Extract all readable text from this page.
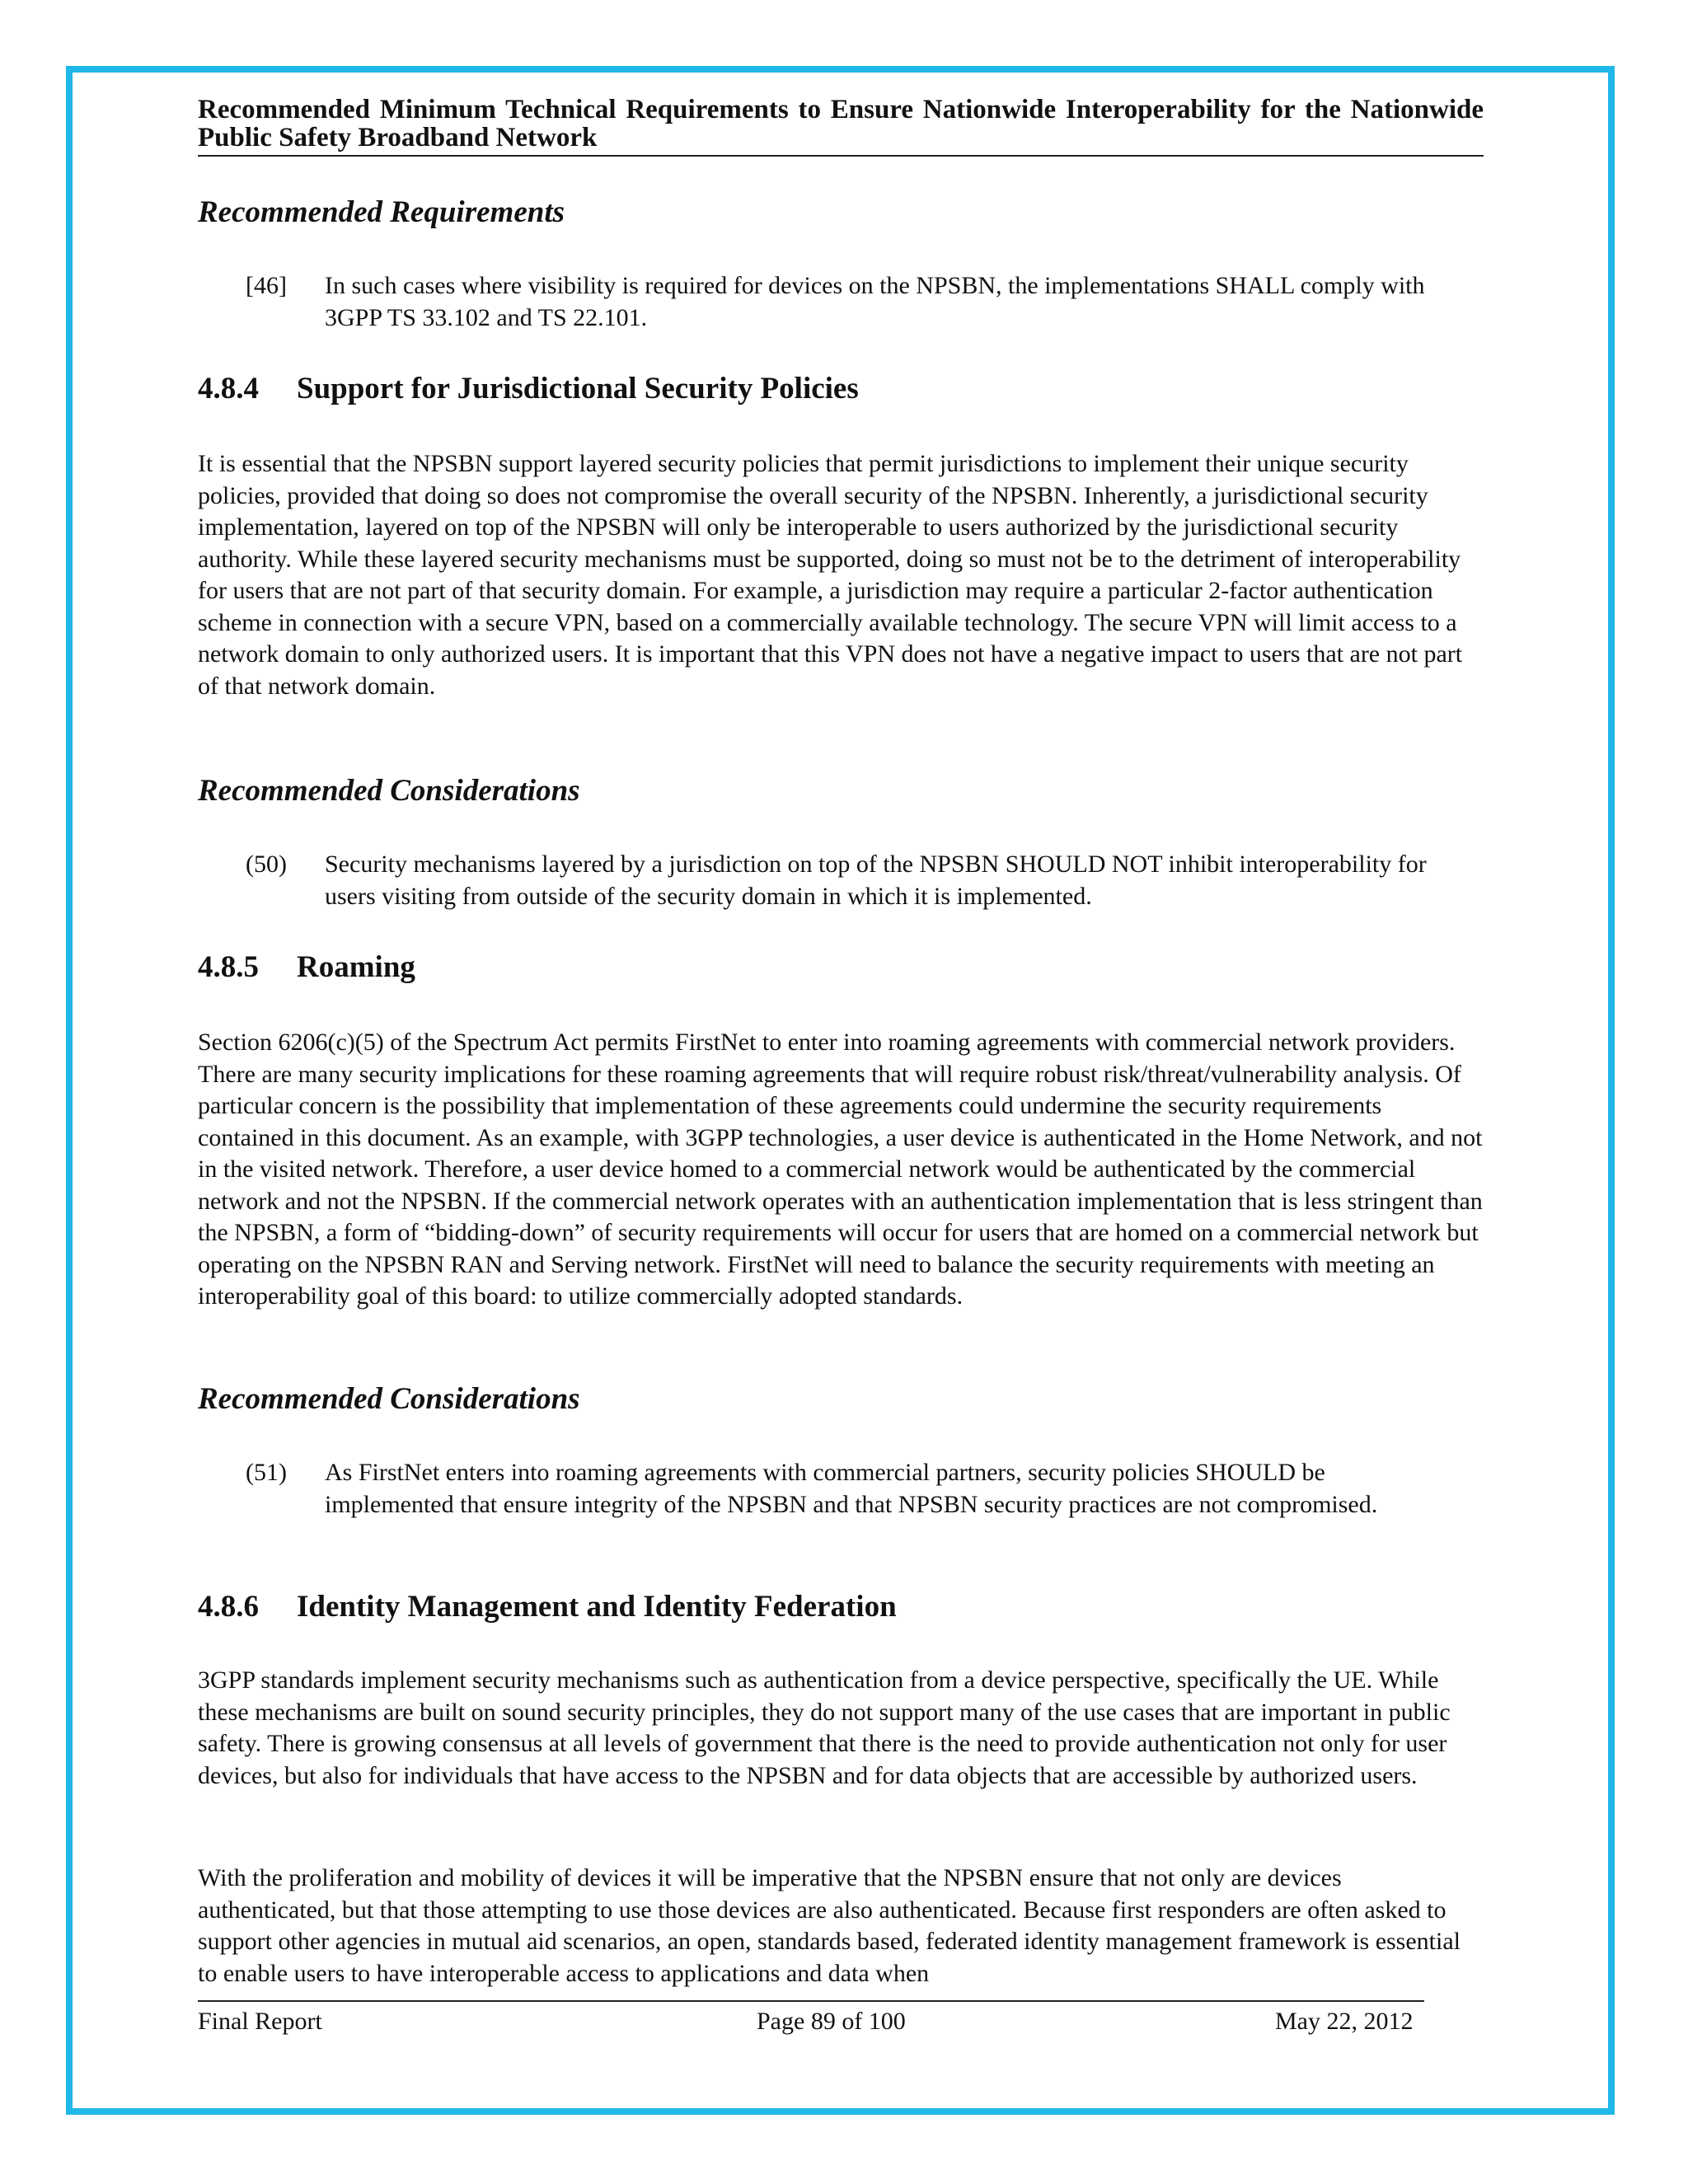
Recommended Minimum Technical Requirements to Ensure Nationwide Interoperability for the Nationwide Public Safety Broadband Network
Recommended Requirements
[46] In such cases where visibility is required for devices on the NPSBN, the implementations SHALL comply with 3GPP TS 33.102 and TS 22.101.
4.8.4 Support for Jurisdictional Security Policies
It is essential that the NPSBN support layered security policies that permit jurisdictions to implement their unique security policies, provided that doing so does not compromise the overall security of the NPSBN. Inherently, a jurisdictional security implementation, layered on top of the NPSBN will only be interoperable to users authorized by the jurisdictional security authority. While these layered security mechanisms must be supported, doing so must not be to the detriment of interoperability for users that are not part of that security domain. For example, a jurisdiction may require a particular 2-factor authentication scheme in connection with a secure VPN, based on a commercially available technology. The secure VPN will limit access to a network domain to only authorized users. It is important that this VPN does not have a negative impact to users that are not part of that network domain.
Recommended Considerations
(50) Security mechanisms layered by a jurisdiction on top of the NPSBN SHOULD NOT inhibit interoperability for users visiting from outside of the security domain in which it is implemented.
4.8.5 Roaming
Section 6206(c)(5) of the Spectrum Act permits FirstNet to enter into roaming agreements with commercial network providers. There are many security implications for these roaming agreements that will require robust risk/threat/vulnerability analysis. Of particular concern is the possibility that implementation of these agreements could undermine the security requirements contained in this document. As an example, with 3GPP technologies, a user device is authenticated in the Home Network, and not in the visited network. Therefore, a user device homed to a commercial network would be authenticated by the commercial network and not the NPSBN. If the commercial network operates with an authentication implementation that is less stringent than the NPSBN, a form of “bidding-down” of security requirements will occur for users that are homed on a commercial network but operating on the NPSBN RAN and Serving network. FirstNet will need to balance the security requirements with meeting an interoperability goal of this board: to utilize commercially adopted standards.
Recommended Considerations
(51) As FirstNet enters into roaming agreements with commercial partners, security policies SHOULD be implemented that ensure integrity of the NPSBN and that NPSBN security practices are not compromised.
4.8.6 Identity Management and Identity Federation
3GPP standards implement security mechanisms such as authentication from a device perspective, specifically the UE. While these mechanisms are built on sound security principles, they do not support many of the use cases that are important in public safety. There is growing consensus at all levels of government that there is the need to provide authentication not only for user devices, but also for individuals that have access to the NPSBN and for data objects that are accessible by authorized users.
With the proliferation and mobility of devices it will be imperative that the NPSBN ensure that not only are devices authenticated, but that those attempting to use those devices are also authenticated. Because first responders are often asked to support other agencies in mutual aid scenarios, an open, standards based, federated identity management framework is essential to enable users to have interoperable access to applications and data when
Final Report	Page 89 of 100	May 22, 2012
